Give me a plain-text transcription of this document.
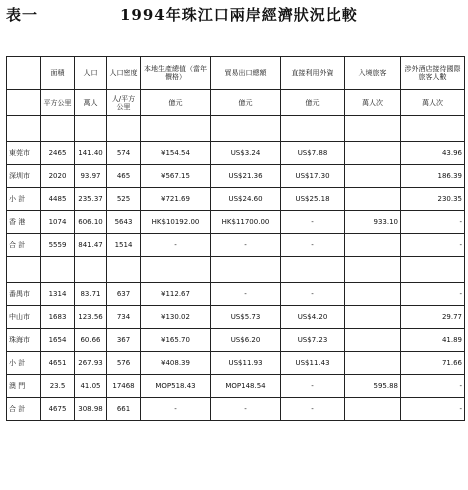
表一	1994年珠江口兩岸經濟狀況比較
	面積	人口	人口密度	本地生產總值（當年價格）	貿易出口總額	直接利用外資	入境旅客	涉外酒店接待國際旅客人數
	平方公里	萬人	人/平方公里	億元	億元	億元	萬人次	萬人次

東莞市	2465	141.40	574	¥154.54	US$3.24	US$7.88		43.96
深圳市	2020	93.97	465	¥567.15	US$21.36	US$17.30		186.39
小 計	4485	235.37	525	¥721.69	US$24.60	US$25.18		230.35
香 港	1074	606.10	5643	HK$10192.00	HK$11700.00	-	933.10	-
合 計	5559	841.47	1514	-	-	-		-

番禺市	1314	83.71	637	¥112.67	-	-		-
中山市	1683	123.56	734	¥130.02	US$5.73	US$4.20		29.77
珠海市	1654	60.66	367	¥165.70	US$6.20	US$7.23		41.89
小 計	4651	267.93	576	¥408.39	US$11.93	US$11.43		71.66
澳 門	23.5	41.05	17468	MOP518.43	MOP148.54	-	595.88	-
合 計	4675	308.98	661	-	-	-		-
